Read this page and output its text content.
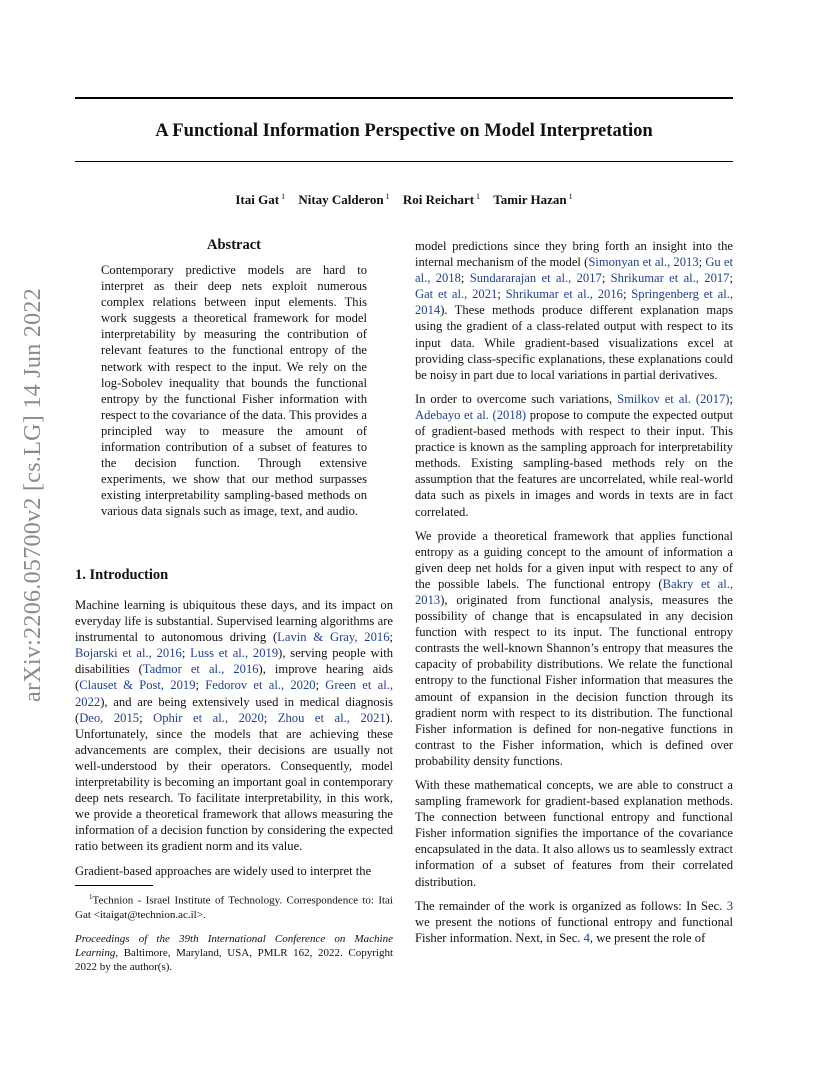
A Functional Information Perspective on Model Interpretation
Itai Gat $^1$ Nitay Calderon $^1$ Roi Reichart $^1$ Tamir Hazan $^1$
arXiv:2206.05700v2 [cs.LG] 14 Jun 2022
Abstract
Contemporary predictive models are hard to interpret as their deep nets exploit numerous complex relations between input elements. This work suggests a theoretical framework for model interpretability by measuring the contribution of relevant features to the functional entropy of the network with respect to the input. We rely on the log-Sobolev inequality that bounds the functional entropy by the functional Fisher information with respect to the covariance of the data. This provides a principled way to measure the amount of information contribution of a subset of features to the decision function. Through extensive experiments, we show that our method surpasses existing interpretability sampling-based methods on various data signals such as image, text, and audio.
1. Introduction

Machine learning is ubiquitous these days, and its impact on everyday life is substantial. Supervised learning algorithms are instrumental to autonomous driving (Lavin & Gray, 2016; Bojarski et al., 2016; Luss et al., 2019), serving people with disabilities (Tadmor et al., 2016), improve hearing aids (Clauset & Post, 2019; Fedorov et al., 2020; Green et al., 2022), and are being extensively used in medical diagnosis (Deo, 2015; Ophir et al., 2020; Zhou et al., 2021). Unfortunately, since the models that are achieving these advancements are complex, their decisions are usually not well-understood by their operators. Consequently, model interpretability is becoming an important goal in contemporary deep nets research. To facilitate interpretability, in this work, we provide a theoretical framework that allows measuring the information of a decision function by considering the expected ratio between its gradient norm and its value.

Gradient-based approaches are widely used to interpret the

$^1$Technion - Israel Institute of Technology. Correspondence to: Itai Gat <itaigat@technion.ac.il>.

Proceedings of the 39th International Conference on Machine Learning, Baltimore, Maryland, USA, PMLR 162, 2022. Copyright 2022 by the author(s).

model predictions since they bring forth an insight into the internal mechanism of the model (Simonyan et al., 2013; Gu et al., 2018; Sundararajan et al., 2017; Shrikumar et al., 2017; Gat et al., 2021; Shrikumar et al., 2016; Springenberg et al., 2014). These methods produce different explanation maps using the gradient of a class-related output with respect to its input data. While gradient-based visualizations excel at providing class-specific explanations, these explanations could be noisy in part due to local variations in partial derivatives.

In order to overcome such variations, Smilkov et al. (2017); Adebayo et al. (2018) propose to compute the expected output of gradient-based methods with respect to their input. This practice is known as the sampling approach for interpretability methods. Existing sampling-based methods rely on the assumption that the features are uncorrelated, while real-world data such as pixels in images and words in texts are in fact correlated.

We provide a theoretical framework that applies functional entropy as a guiding concept to the amount of information a given deep net holds for a given input with respect to any of the possible labels. The functional entropy (Bakry et al., 2013), originated from functional analysis, measures the possibility of change that is encapsulated in any decision function with respect to its input. The functional entropy contrasts the well-known Shannon’s entropy that measures the capacity of probability distributions. We relate the functional entropy to the functional Fisher information that measures the amount of expansion in the decision function through its gradient norm with respect to its distribution. The functional Fisher information is defined for non-negative functions in contrast to the Fisher information, which is defined over probability density functions.

With these mathematical concepts, we are able to construct a sampling framework for gradient-based explanation methods. The connection between functional entropy and functional Fisher information signifies the importance of the covariance encapsulated in the data. It also allows us to seamlessly extract information of a subset of features from their correlated distribution.

The remainder of the work is organized as follows: In Sec. 3 we present the notions of functional entropy and functional Fisher information. Next, in Sec. 4, we present the role of
